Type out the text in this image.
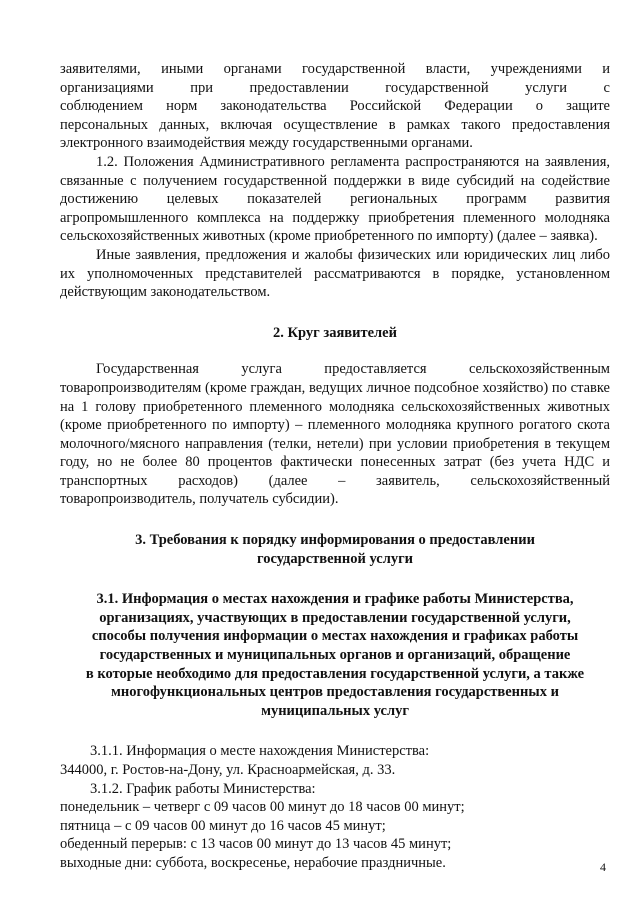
заявителями, иными органами государственной власти, учреждениями и

организациями при предоставлении государственной услуги с

соблюдением норм законодательства Российской Федерации о защите

персональных данных, включая осуществление в рамках такого предоставления

электронного взаимодействия между государственными органами.

1.2. Положения Административного регламента распространяются на заявления, связанные с получением государственной поддержки в виде субсидий на содействие достижению целевых показателей региональных программ развития агропромышленного комплекса на поддержку приобретения племенного молодняка сельскохозяйственных животных (кроме приобретенного по импорту) (далее – заявка).

Иные заявления, предложения и жалобы физических или юридических лиц либо их уполномоченных представителей рассматриваются в порядке, установленном действующим законодательством.

2. Круг заявителей

Государственная услуга предоставляется сельскохозяйственным товаропроизводителям (кроме граждан, ведущих личное подсобное хозяйство) по ставке на 1 голову приобретенного племенного молодняка сельскохозяйственных животных (кроме приобретенного по импорту) – племенного молодняка крупного рогатого скота молочного/мясного направления (телки, нетели) при условии приобретения в текущем году, но не более 80 процентов фактически понесенных затрат (без учета НДС и транспортных расходов) (далее – заявитель, сельскохозяйственный товаропроизводитель, получатель субсидии).

3. Требования к порядку информирования о предоставлении

государственной услуги

3.1. Информация о местах нахождения и графике работы Министерства,

организациях, участвующих в предоставлении государственной услуги,

способы получения информации о местах нахождения и графиках работы

государственных и муниципальных органов и организаций, обращение

в которые необходимо для предоставления государственной услуги, а также

многофункциональных центров предоставления государственных и

муниципальных услуг

3.1.1. Информация о месте нахождения Министерства:

344000, г. Ростов-на-Дону, ул. Красноармейская, д. 33.

3.1.2. График работы Министерства:

понедельник – четверг с 09 часов 00 минут до 18 часов 00 минут;

пятница – с 09 часов 00 минут до 16 часов 45 минут;

обеденный перерыв: с 13 часов 00 минут до 13 часов 45 минут;

выходные дни: суббота, воскресенье, нерабочие праздничные.	4
